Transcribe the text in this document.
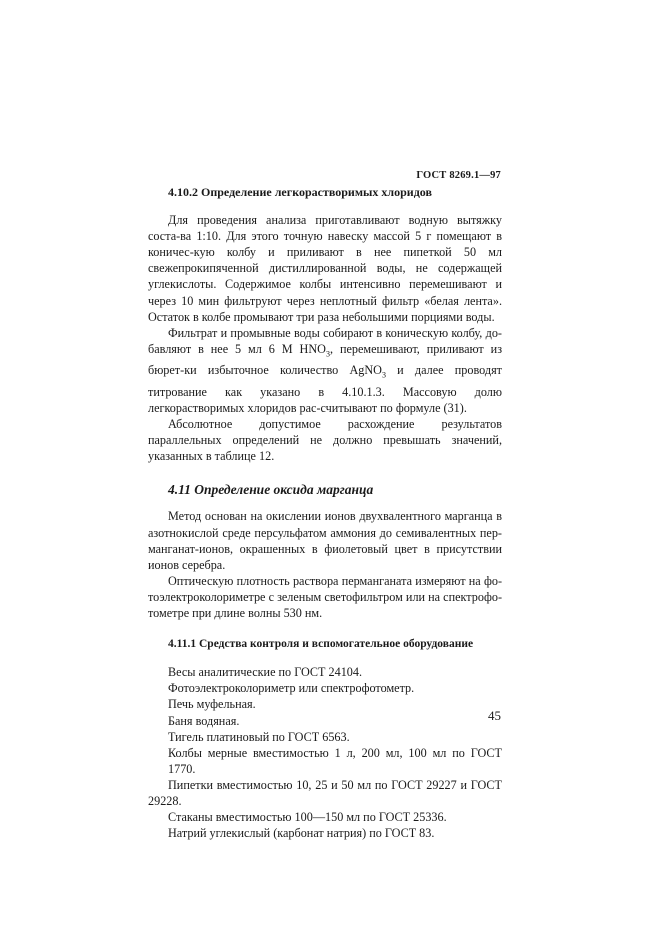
ГОСТ 8269.1—97
4.10.2 Определение легкорастворимых хлоридов

Для проведения анализа приготавливают водную вытяжку соста-ва 1:10. Для этого точную навеску массой 5 г помещают в коничес-кую колбу и приливают в нее пипеткой 50 мл свежепрокипяченной дистиллированной воды, не содержащей углекислоты. Содержимое колбы интенсивно перемешивают и через 10 мин фильтруют через неплотный фильтр «белая лента». Остаток в колбе промывают три раза небольшими порциями воды.

Фильтрат и промывные воды собирают в коническую колбу, до-бавляют в нее 5 мл 6 М $HNO_3$, перемешивают, приливают из бюрет-ки избыточное количество AgNO$_3$ и далее проводят титрование как указано в 4.10.1.3. Массовую долю легкорастворимых хлоридов рас-считывают по формуле (31).

Абсолютное допустимое расхождение результатов параллельных определений не должно превышать значений, указанных в таблице 12.

4.11 Определение оксида марганца

Метод основан на окислении ионов двухвалентного марганца в азотнокислой среде персульфатом аммония до семивалентных пер-манганат-ионов, окрашенных в фиолетовый цвет в присутствии ионов серебра.

Оптическую плотность раствора перманганата измеряют на фо-тоэлектроколориметре с зеленым светофильтром или на спектрофо-тометре при длине волны 530 нм.

4.11.1 Средства контроля и вспомогательное оборудование

Весы аналитические по ГОСТ 24104.

Фотоэлектроколориметр или спектрофотометр.

Печь муфельная.

Баня водяная.

Тигель платиновый по ГОСТ 6563.

Колбы мерные вместимостью 1 л, 200 мл, 100 мл по ГОСТ 1770.

Пипетки вместимостью 10, 25 и 50 мл по ГОСТ 29227 и ГОСТ 29228.

Стаканы вместимостью 100—150 мл по ГОСТ 25336.

Натрий углекислый (карбонат натрия) по ГОСТ 83.

45
